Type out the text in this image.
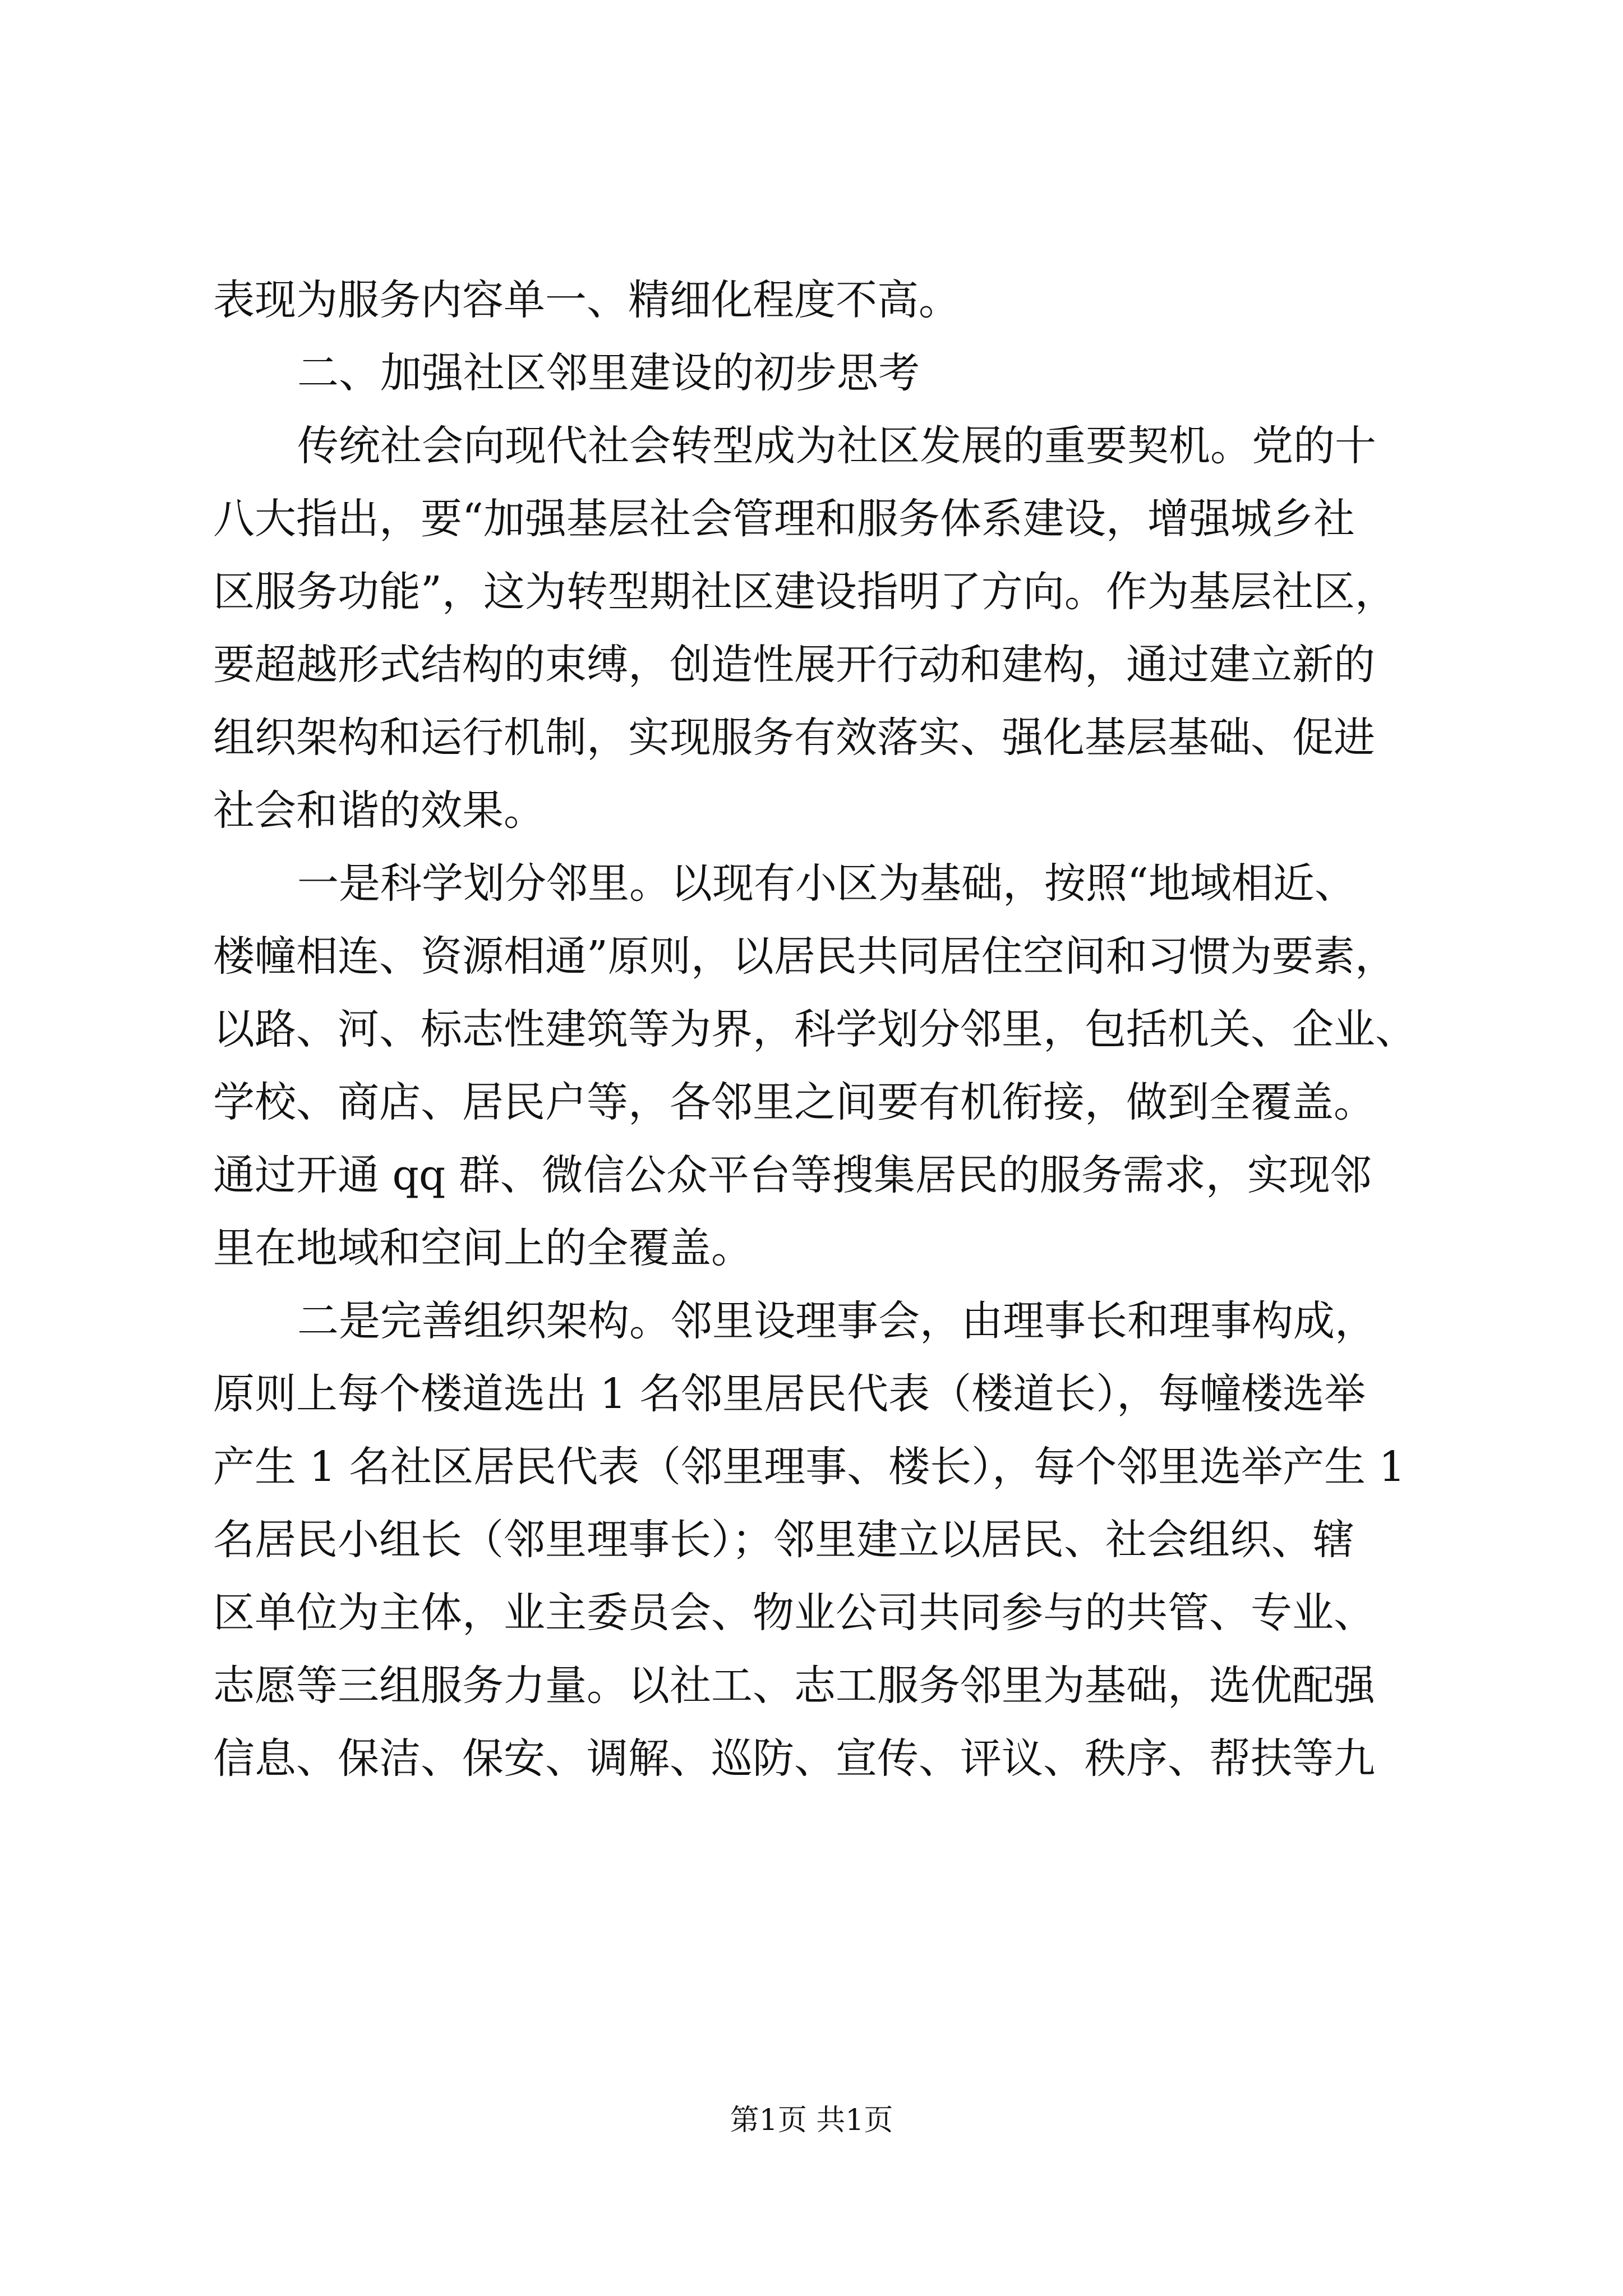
表现为服务内容单一、精细化程度不高。
二、加强社区邻里建设的初步思考
传统社会向现代社会转型成为社区发展的重要契机。党的十
八大指出，要“加强基层社会管理和服务体系建设，增强城乡社
区服务功能”，这为转型期社区建设指明了方向。作为基层社区，
要超越形式结构的束缚，创造性展开行动和建构，通过建立新的
组织架构和运行机制，实现服务有效落实、强化基层基础、促进
社会和谐的效果。
一是科学划分邻里。以现有小区为基础，按照“地域相近、
楼幢相连、资源相通”原则，以居民共同居住空间和习惯为要素，
以路、河、标志性建筑等为界，科学划分邻里，包括机关、企业、
学校、商店、居民户等，各邻里之间要有机衔接，做到全覆盖。
通过开通 qq 群、微信公众平台等搜集居民的服务需求，实现邻
里在地域和空间上的全覆盖。
二是完善组织架构。邻里设理事会，由理事长和理事构成，
原则上每个楼道选出 1 名邻里居民代表（楼道长），每幢楼选举
产生 1 名社区居民代表（邻里理事、楼长），每个邻里选举产生 1
名居民小组长（邻里理事长）；邻里建立以居民、社会组织、辖
区单位为主体，业主委员会、物业公司共同参与的共管、专业、
志愿等三组服务力量。以社工、志工服务邻里为基础，选优配强
信息、保洁、保安、调解、巡防、宣传、评议、秩序、帮扶等九
第1页 共1页
